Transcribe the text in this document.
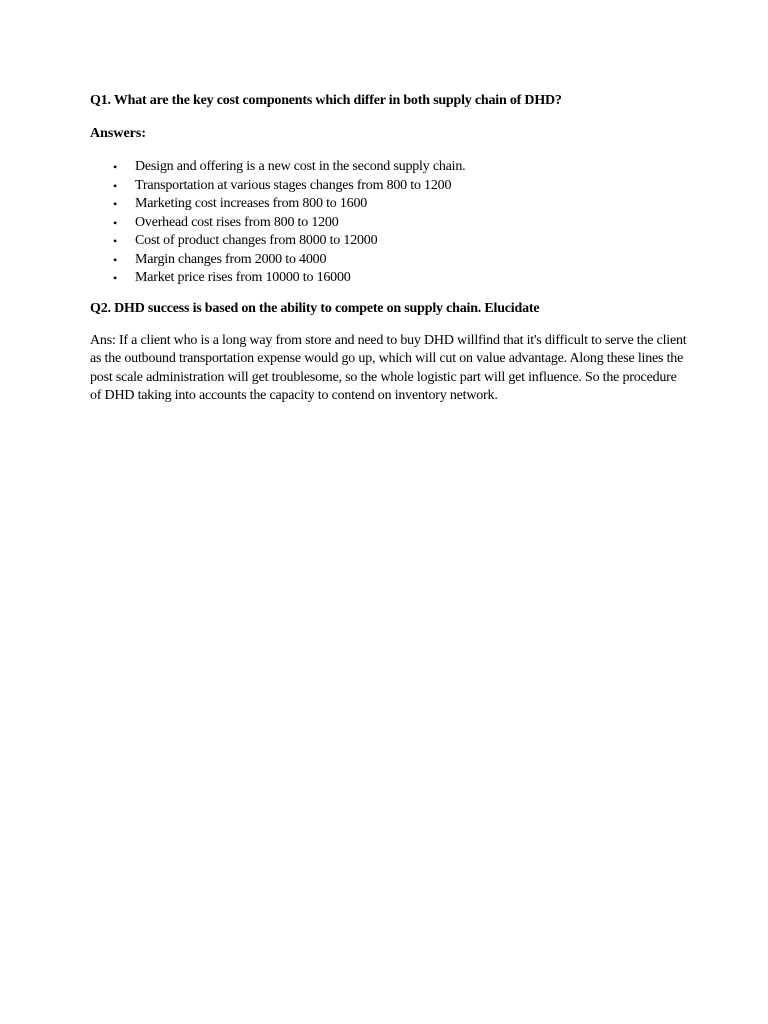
Q1. What are the key cost components which differ in both supply chain of DHD?

Answers:

• Design and offering is a new cost in the second supply chain.
• Transportation at various stages changes from 800 to 1200
• Marketing cost increases from 800 to 1600
• Overhead cost rises from 800 to 1200
• Cost of product changes from 8000 to 12000
• Margin changes from 2000 to 4000
• Market price rises from 10000 to 16000

Q2. DHD success is based on the ability to compete on supply chain. Elucidate

Ans: If a client who is a long way from store and need to buy DHD willfind that it's difficult to serve the client as the outbound transportation expense would go up, which will cut on value advantage. Along these lines the post scale administration will get troublesome, so the whole logistic part will get influence. So the procedure of DHD taking into accounts the capacity to contend on inventory network.
